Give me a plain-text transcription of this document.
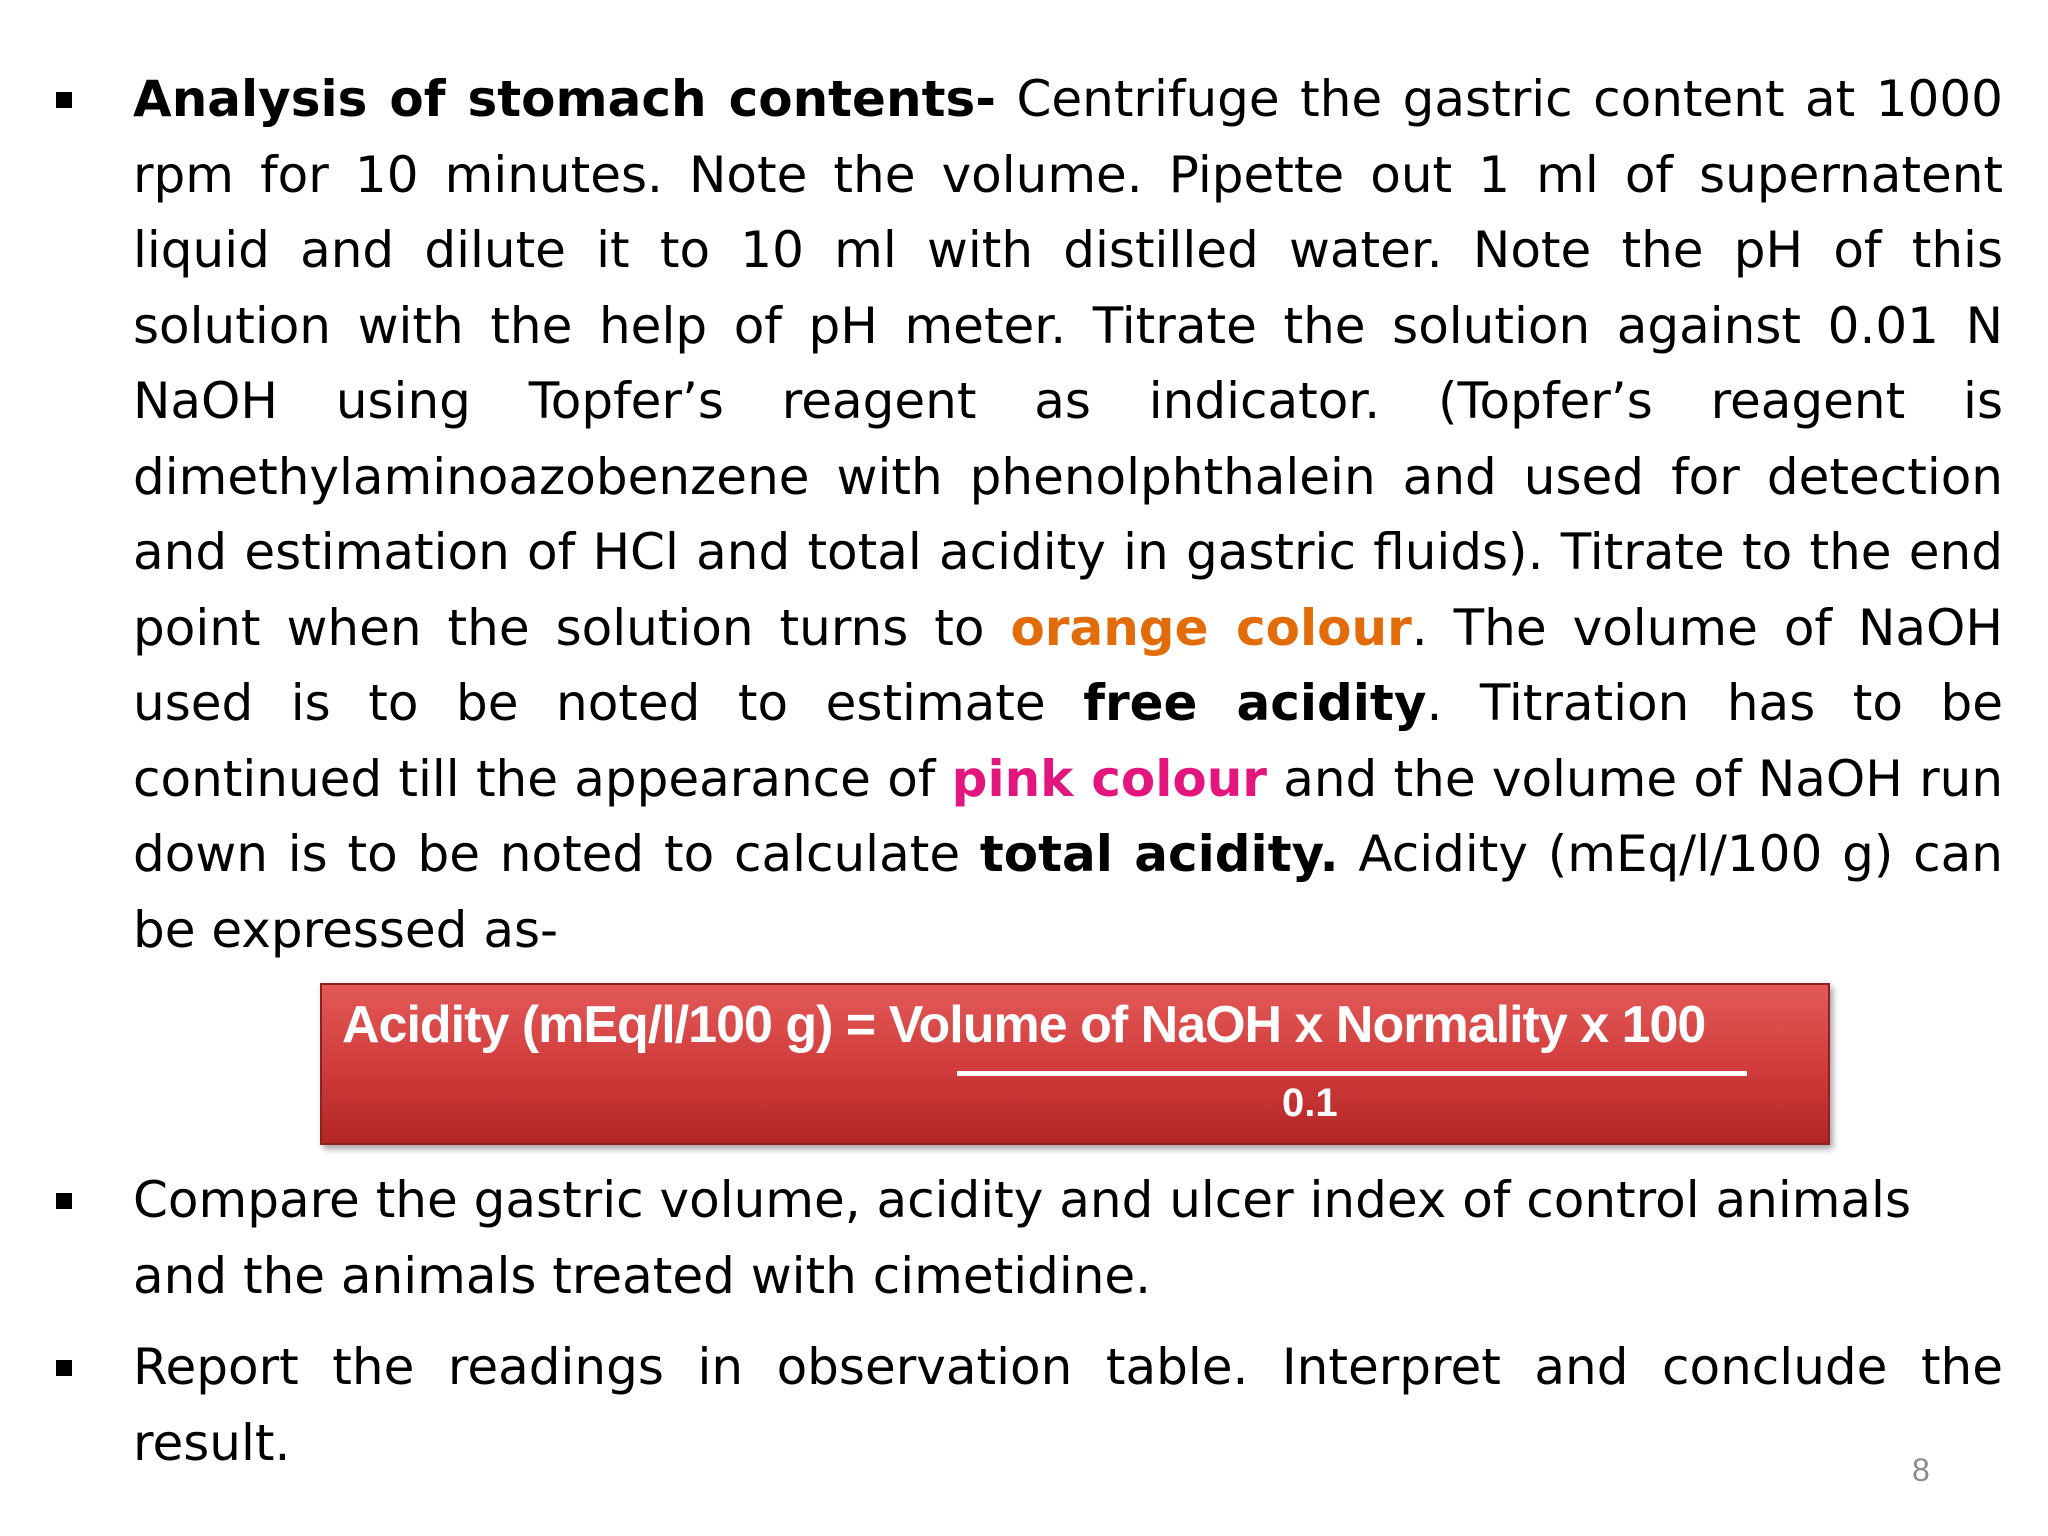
Analysis of stomach contents- Centrifuge the gastric content at 1000 rpm for 10 minutes. Note the volume. Pipette out 1 ml of supernatent liquid and dilute it to 10 ml with distilled water. Note the pH of this solution with the help of pH meter. Titrate the solution against 0.01 N NaOH using Topfer’s reagent as indicator. (Topfer’s reagent is dimethylaminoazobenzene with phenolphthalein and used for detection and estimation of HCl and total acidity in gastric fluids). Titrate to the end point when the solution turns to orange colour. The volume of NaOH used is to be noted to estimate free acidity. Titration has to be continued till the appearance of pink colour and the volume of NaOH run down is to be noted to calculate total acidity. Acidity (mEq/l/100 g) can be expressed as-

Acidity (mEq/l/100 g) = Volume of NaOH x Normality x 100
0.1

Compare the gastric volume, acidity and ulcer index of control animals and the animals treated with cimetidine.

Report the readings in observation table. Interpret and conclude the result.	8
